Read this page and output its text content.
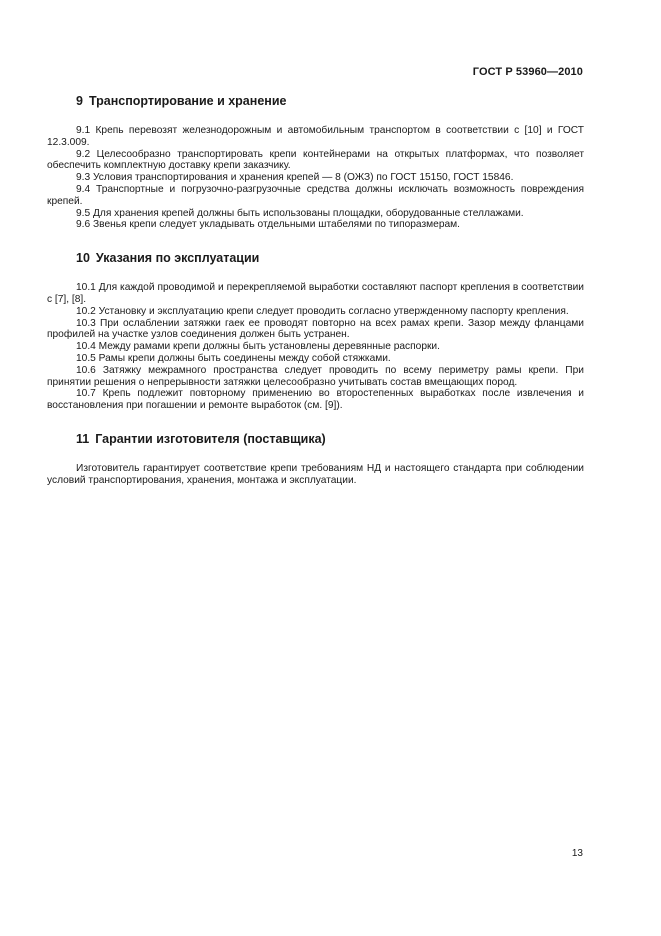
ГОСТ Р 53960—2010
9 Транспортирование и хранение

9.1 Крепь перевозят железнодорожным и автомобильным транспортом в соответствии с [10] и ГОСТ 12.3.009.

9.2 Целесообразно транспортировать крепи контейнерами на открытых платформах, что позволяет обеспечить комплектную доставку крепи заказчику.

9.3 Условия транспортирования и хранения крепей — 8 (ОЖЗ) по ГОСТ 15150, ГОСТ 15846.

9.4 Транспортные и погрузочно-разгрузочные средства должны исключать возможность повреждения крепей.

9.5 Для хранения крепей должны быть использованы площадки, оборудованные стеллажами.

9.6 Звенья крепи следует укладывать отдельными штабелями по типоразмерам.

10 Указания по эксплуатации

10.1 Для каждой проводимой и перекрепляемой выработки составляют паспорт крепления в соответствии с [7], [8].

10.2 Установку и эксплуатацию крепи следует проводить согласно утвержденному паспорту крепления.

10.3 При ослаблении затяжки гаек ее проводят повторно на всех рамах крепи. Зазор между фланцами профилей на участке узлов соединения должен быть устранен.

10.4 Между рамами крепи должны быть установлены деревянные распорки.

10.5 Рамы крепи должны быть соединены между собой стяжками.

10.6 Затяжку межрамного пространства следует проводить по всему периметру рамы крепи. При принятии решения о непрерывности затяжки целесообразно учитывать состав вмещающих пород.

10.7 Крепь подлежит повторному применению во второстепенных выработках после извлечения и восстановления при погашении и ремонте выработок (см. [9]).

11 Гарантии изготовителя (поставщика)

Изготовитель гарантирует соответствие крепи требованиям НД и настоящего стандарта при соблюдении условий транспортирования, хранения, монтажа и эксплуатации.

13
